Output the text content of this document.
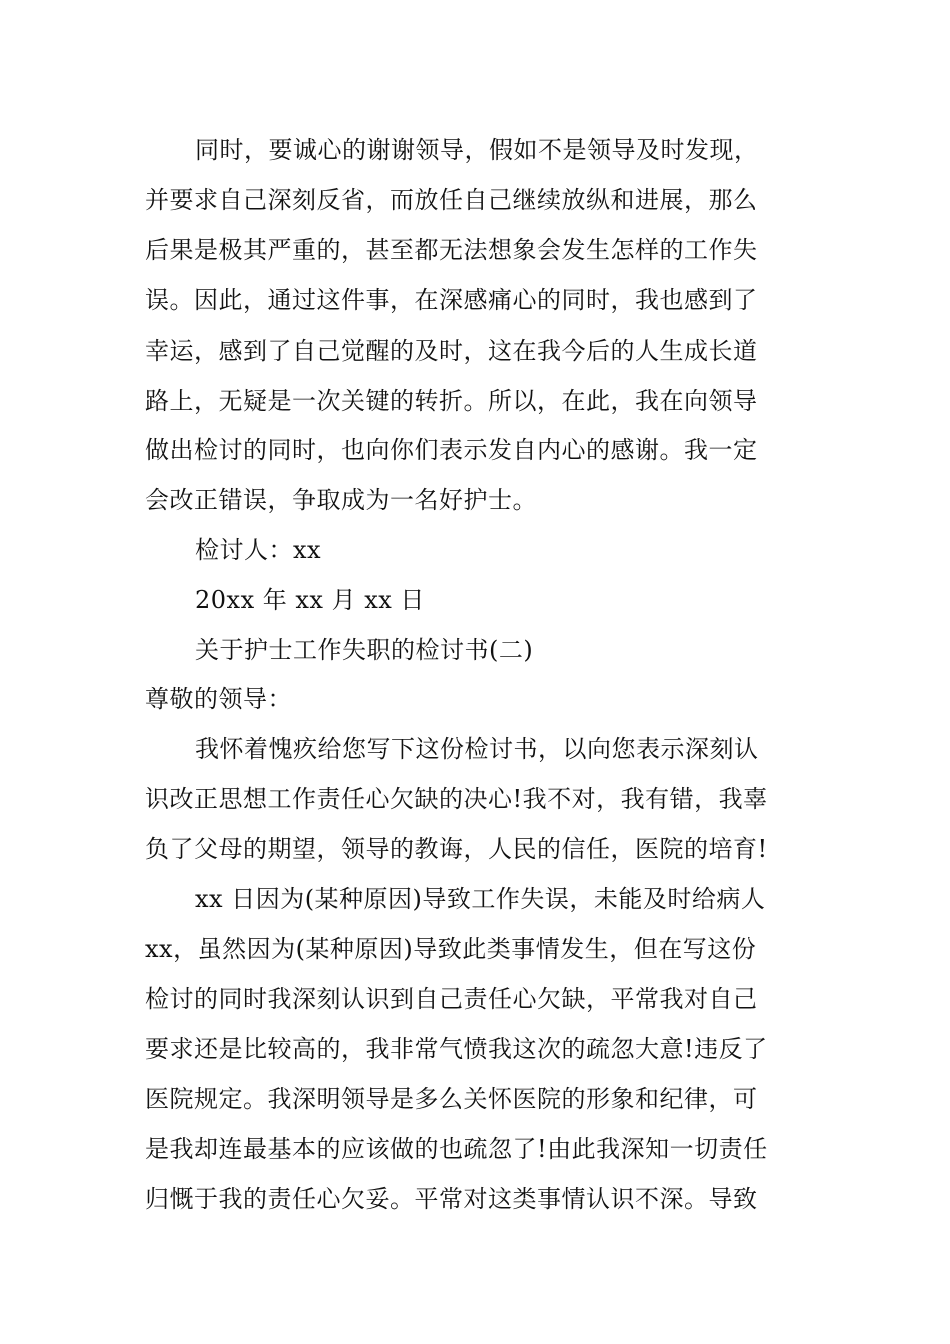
同时，要诚心的谢谢领导，假如不是领导及时发现，
并要求自己深刻反省，而放任自己继续放纵和进展，那么
后果是极其严重的，甚至都无法想象会发生怎样的工作失
误。因此，通过这件事，在深感痛心的同时，我也感到了
幸运，感到了自己觉醒的及时，这在我今后的人生成长道
路上，无疑是一次关键的转折。所以，在此，我在向领导
做出检讨的同时，也向你们表示发自内心的感谢。我一定
会改正错误，争取成为一名好护士。
检讨人：xx
20xx 年 xx 月 xx 日
关于护士工作失职的检讨书(二)
尊敬的领导：
我怀着愧疚给您写下这份检讨书，以向您表示深刻认
识改正思想工作责任心欠缺的决心!我不对，我有错，我辜
负了父母的期望，领导的教诲，人民的信任，医院的培育!
xx 日因为(某种原因)导致工作失误，未能及时给病人
xx，虽然因为(某种原因)导致此类事情发生，但在写这份
检讨的同时我深刻认识到自己责任心欠缺，平常我对自己
要求还是比较高的，我非常气愤我这次的疏忽大意!违反了
医院规定。我深明领导是多么关怀医院的形象和纪律，可
是我却连最基本的应该做的也疏忽了!由此我深知一切责任
归慨于我的责任心欠妥。平常对这类事情认识不深。导致
